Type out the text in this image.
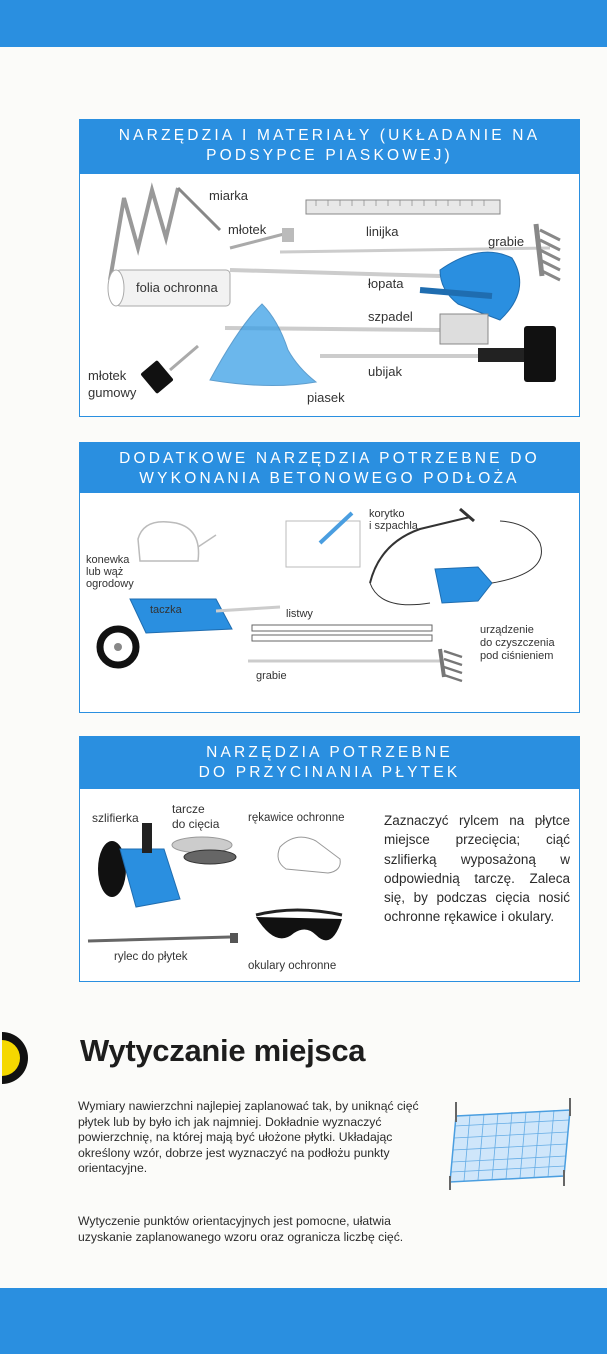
NARZĘDZIA I MATERIAŁY (UKŁADANIE NA PODSYPCE PIASKOWEJ)
miarka
młotek	linijka
grabie
folia ochronna	łopata
szpadel
ubijak
młotek
gumowy	piasek
DODATKOWE NARZĘDZIA POTRZEBNE DO WYKONANIA BETONOWEGO PODŁOŻA
korytko
i szpachla
konewka
lub wąż
ogrodowy
taczka	listwy
urządzenie
do czyszczenia
pod ciśnieniem
grabie
NARZĘDZIA POTRZEBNE
DO PRZYCINANIA PŁYTEK
szlifierka
tarcze
do cięcia rękawice ochronne
rylec do płytek
okulary ochronne
Zaznaczyć rylcem na płytce miejsce przecięcia; ciąć szlifierką wyposażoną w odpowiednią tarczę. Zaleca się, by podczas cięcia nosić ochronne rękawice i okulary.
Wytyczanie miejsca
Wymiary nawierzchni najlepiej zaplanować tak, by uniknąć cięć płytek lub by było ich jak najmniej. Dokładnie wyznaczyć powierzchnię, na której mają być ułożone płytki. Układając określony wzór, dobrze jest wyznaczyć na podłożu punkty orientacyjne.
Wytyczenie punktów orientacyjnych jest pomocne, ułatwia uzyskanie zaplanowanego wzoru oraz ogranicza liczbę cięć.
